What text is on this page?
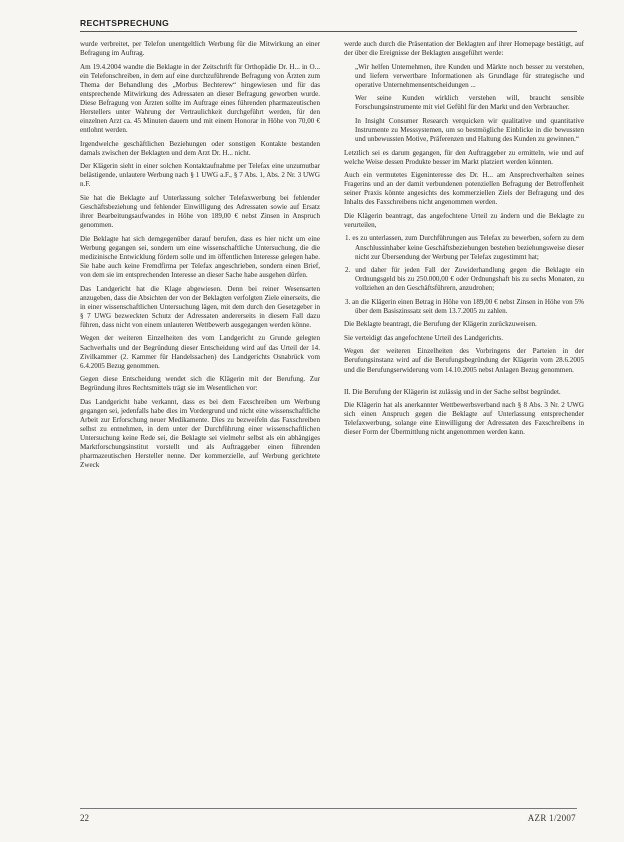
RECHTSPRECHUNG

wurde verbreitet, per Telefon unentgeltlich Werbung für die Mitwirkung an einer Befragung im Auftrag.

Am 19.4.2004 wandte die Beklagte in der Zeitschrift für Orthopädie Dr. H... in O... ein Telefonschreiben, in dem auf eine durchzuführende Befragung von Ärzten zum Thema der Behandlung des „Morbus Bechterew“ hingewiesen und für das entsprechende Mitwirkung des Adressaten an dieser Befragung geworben wurde. Diese Befragung von Ärzten sollte im Auftrage eines führenden pharmazeutischen Herstellers unter Wahrung der Vertraulichkeit durchgeführt werden, für den einzelnen Arzt ca. 45 Minuten dauern und mit einem Honorar in Höhe von 70,00 € entlohnt werden.

Irgendwelche geschäftlichen Beziehungen oder sonstigen Kontakte bestanden damals zwischen der Beklagten und dem Arzt Dr. H... nicht.

Der Klägerin sieht in einer solchen Kontaktaufnahme per Telefax eine unzumutbar belästigende, unlautere Werbung nach § 1 UWG a.F., § 7 Abs. 1, Abs. 2 Nr. 3 UWG n.F.

Sie hat die Beklagte auf Unterlassung solcher Telefaxwerbung bei fehlender Geschäftsbeziehung und fehlender Einwilligung des Adressaten sowie auf Ersatz ihrer Bearbeitungsaufwandes in Höhe von 189,00 € nebst Zinsen in Anspruch genommen.

Die Beklagte hat sich demgegenüber darauf berufen, dass es hier nicht um eine Werbung gegangen sei, sondern um eine wissenschaftliche Untersuchung, die die medizinische Entwicklung fördern solle und im öffentlichen Interesse gelegen habe. Sie habe auch keine Fremdfirma per Telefax angeschrieben, sondern einen Brief, von dem sie im entsprechenden Interesse an dieser Sache habe ausgehen dürfen.

Das Landgericht hat die Klage abgewiesen. Denn bei reiner Wesensarten anzugeben, dass die Absichten der von der Beklagten verfolgten Ziele einerseits, die in einer wissenschaftlichen Untersuchung lägen, mit dem durch den Gesetzgeber in § 7 UWG bezweckten Schutz der Adressaten andererseits in diesem Fall dazu führen, dass nicht von einem unlauteren Wettbewerb ausgegangen werden könne.

Wegen der weiteren Einzelheiten des vom Landgericht zu Grunde gelegten Sachverhalts und der Begründung dieser Entscheidung wird auf das Urteil der 14. Zivilkammer (2. Kammer für Handelssachen) des Landgerichts Osnabrück vom 6.4.2005 Bezug genommen.

Gegen diese Entscheidung wendet sich die Klägerin mit der Berufung. Zur Begründung ihres Rechtsmittels trägt sie im Wesentlichen vor:

Das Landgericht habe verkannt, dass es bei dem Faxschreiben um Werbung gegangen sei, jedenfalls habe dies im Vordergrund und nicht eine wissenschaftliche Arbeit zur Erforschung neuer Medikamente. Dies zu bezweifeln das Faxschreiben selbst zu entnehmen, in dem unter der Durchführung einer wissenschaftlichen Untersuchung keine Rede sei, die Beklagte sei vielmehr selbst als ein abhängiges Marktforschungsinstitut vorstellt und als Auftraggeber einen führenden pharmazeutischen Hersteller nenne. Der kommerzielle, auf Werbung gerichtete Zweck

werde auch durch die Präsentation der Beklagten auf ihrer Homepage bestätigt, auf der über die Ereignisse der Beklagten ausgeführt werde:

„Wir helfen Unternehmen, ihre Kunden und Märkte noch besser zu verstehen, und liefern verwertbare Informationen als Grundlage für strategische und operative Unternehmensentscheidungen ...

Wer seine Kunden wirklich verstehen will, braucht sensible Forschungsinstrumente mit viel Gefühl für den Markt und den Verbraucher.

In Insight Consumer Research verquicken wir qualitative und quantitative Instrumente zu Messsystemen, um so bestmögliche Einblicke in die bewussten und unbewussten Motive, Präferenzen und Haltung des Kunden zu gewinnen.“

Letztlich sei es darum gegangen, für den Auftraggeber zu ermitteln, wie und auf welche Weise dessen Produkte besser im Markt platziert werden könnten.

Auch ein vermutetes Eigeninteresse des Dr. H... am Ansprechverhalten seines Fragerins und an der damit verbundenen potenziellen Befragung der Betroffenheit seiner Praxis könnte angesichts des kommerziellen Ziels der Befragung und des Inhalts des Faxschreibens nicht angenommen werden.

Die Klägerin beantragt, das angefochtene Urteil zu ändern und die Beklagte zu verurteilen,

1. es zu unterlassen, zum Durchführungen aus Telefax zu bewerben, sofern zu dem Anschlussinhaber keine Geschäftsbeziehungen bestehen beziehungsweise dieser nicht zur Übersendung der Werbung per Telefax zugestimmt hat;

2. und daher für jeden Fall der Zuwiderhandlung gegen die Beklagte ein Ordnungsgeld bis zu 250.000,00 € oder Ordnungshaft bis zu sechs Monaten, zu vollziehen an den Geschäftsführern, anzudrohen;

3. an die Klägerin einen Betrag in Höhe von 189,00 € nebst Zinsen in Höhe von 5% über dem Basiszinssatz seit dem 13.7.2005 zu zahlen.

Die Beklagte beantragt, die Berufung der Klägerin zurückzuweisen.

Sie verteidigt das angefochtene Urteil des Landgerichts.

Wegen der weiteren Einzelheiten des Vorbringens der Parteien in der Berufungsinstanz wird auf die Berufungsbegründung der Klägerin vom 28.6.2005 und die Berufungserwiderung vom 14.10.2005 nebst Anlagen Bezug genommen.

II. Die Berufung der Klägerin ist zulässig und in der Sache selbst begründet.

Die Klägerin hat als anerkannter Wettbewerbsverband nach § 8 Abs. 3 Nr. 2 UWG sich einen Anspruch gegen die Beklagte auf Unterlassung entsprechender Telefaxwerbung, solange eine Einwilligung der Adressaten des Faxschreibens in dieser Form der Übermittlung nicht angenommen werden kann.

22	AZR 1/2007
